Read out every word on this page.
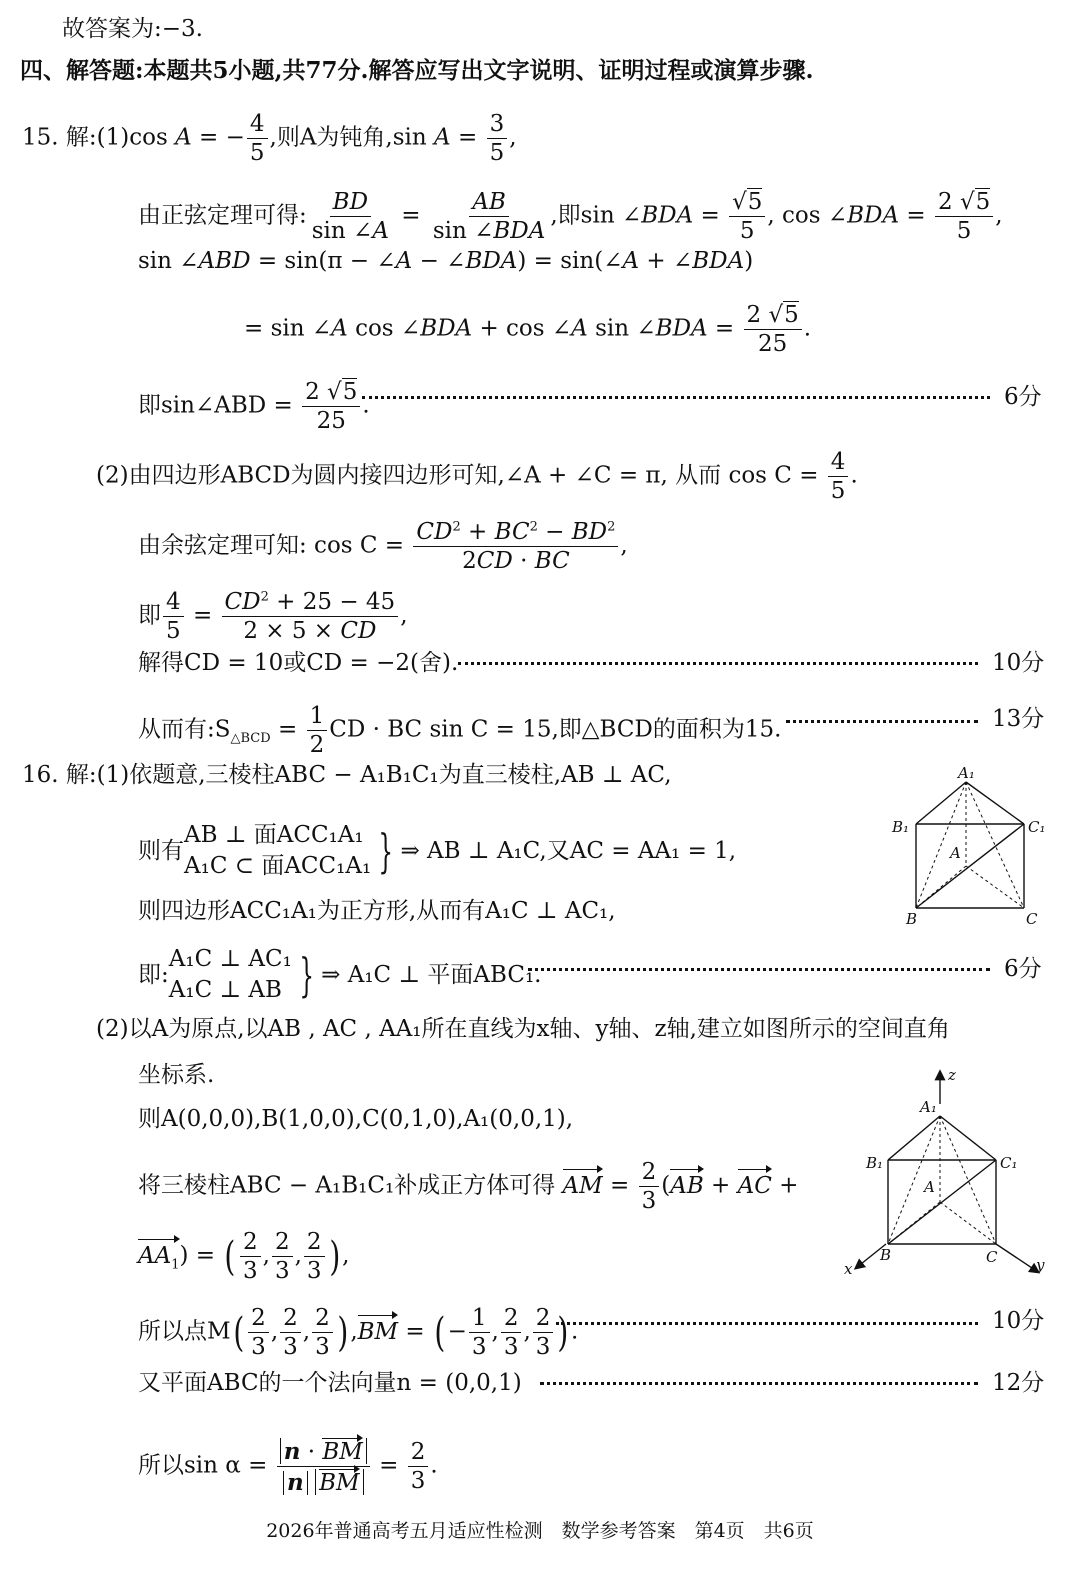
故答案为:−3.
四、解答题:本题共5小题,共77分.解答应写出文字说明、证明过程或演算步骤.
15. 解:(1)cos A = − $\frac{4}{5}$ ,则A为钝角,sin $A = \frac{3}{5}$ ,
由正弦定理可得: $\frac{BD}{\sin \angle A}$ =
AB
sin ∠BDA
,即sin ∠BDA = $\frac{√5}{5}$ , cos ∠BDA = $\frac{2 √5}{5}$ ,
sin ∠ABD = sin(π − ∠A − ∠BDA) = sin(∠A + ∠BDA)
= sin ∠A cos ∠BDA + cos ∠A sin ∠BDA = $\frac{2 √5}{25}$ .
即sin∠ABD = $\frac{2 √5}{25}$ .	6分
(2)由四边形ABCD为圆内接四边形可知,∠A + ∠C = π, 从而 $\cos C = \frac{4}{5}$ .
由余弦定理可知: $\cos C = \frac{CD^2 + BC^2 - BD^2}{2CD \cdot BC}$ ,
即 $\frac{4}{5} = \frac{CD^2 + 25 - 45}{2 \times 5 \times CD}$ ,
解得CD = 10或CD = −2(舍).	10分
从而有$:S_{\triangle BCD} = \frac{1}{2}$ CD · BC sin C = 15,即△BCD的面积为15.	13分
16. 解:(1)依题意,三棱柱ABC − A₁B₁C₁为直三棱柱,AB ⊥ AC,
则有
AB ⊥ 面ACC₁A₁
A₁C ⊂ 面ACC₁A₁ } ⇒ AB ⊥ A₁C,又AC = AA₁ = 1,
则四边形ACC₁A₁为正方形,从而有A₁C ⊥ AC₁,
即:
A₁C ⊥ AC₁
A₁C ⊥ AB } ⇒ A₁C ⊥ 平面ABC₁.	6分
A₁
B₁	C₁
A
B	C
(2)以A为原点,以AB , AC , AA₁所在直线为x轴、y轴、z轴,建立如图所示的空间直角
坐标系.
则A(0,0,0),B(1,0,0),C(0,1,0),A₁(0,0,1),
将三棱柱ABC − A₁B₁C₁补成正方体可得 AM = $\frac{2}{3} (AB$ + AC +
$AA_1$) = ( $\frac{2}{3}$ , $\frac{2}{3}$ , $\frac{2}{3}$ ) ,
所以点$M( \frac{2}{3}$ , $\frac{2}{3}$ , $\frac{2}{3}$ ) ,BM = ( − $\frac{1}{3}$ , $\frac{2}{3}$ , $\frac{2}{3}$ ) .	10分
又平面ABC的一个法向量n = (0,0,1)	12分
所以$\sin \alpha = \frac{n \cdot BM}{\text{n BM}} = \frac{2}{3}$ .
A₁
B₁	C₁
A
B	C
x	y
z
2026年普通高考五月适应性检测　数学参考答案　第4页　共6页
